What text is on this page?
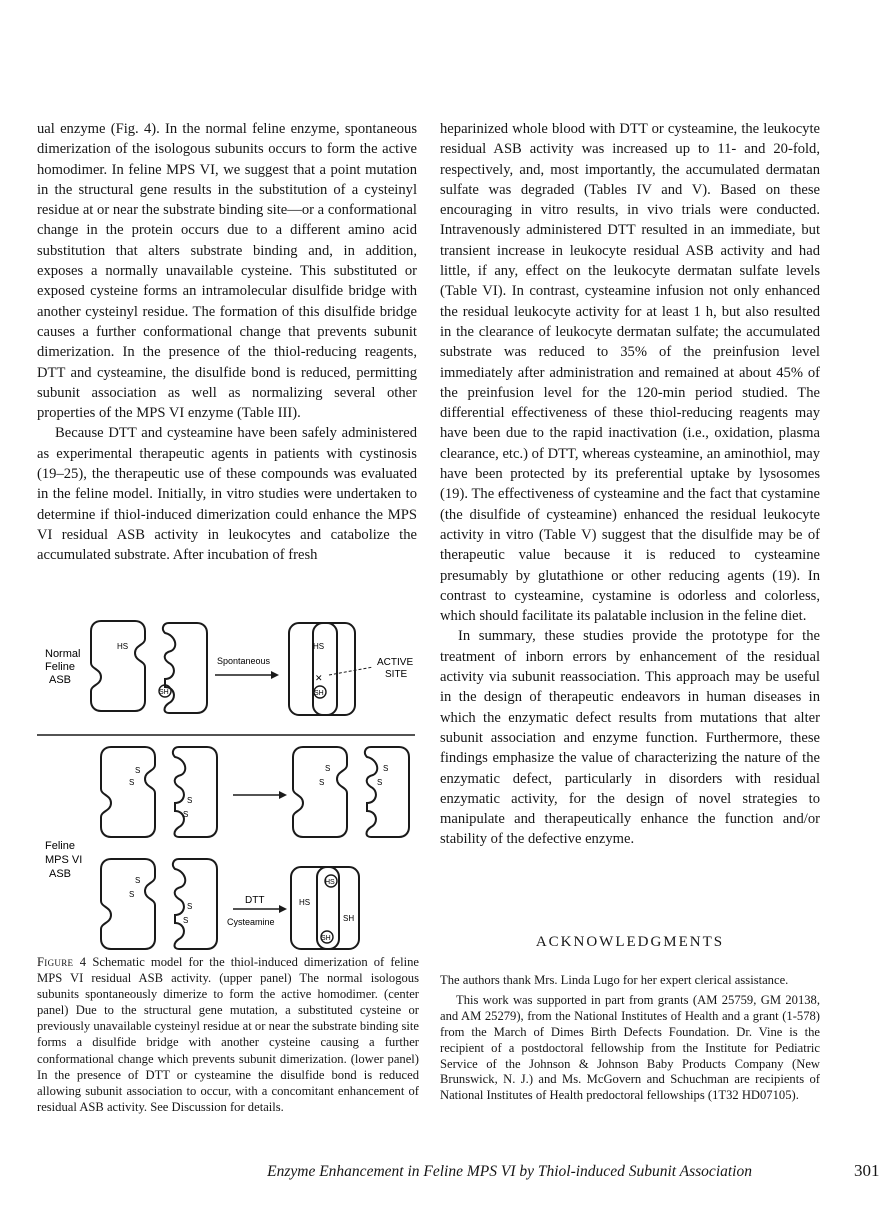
ual enzyme (Fig. 4). In the normal feline enzyme, spontaneous dimerization of the isologous subunits occurs to form the active homodimer. In feline MPS VI, we suggest that a point mutation in the structural gene results in the substitution of a cysteinyl residue at or near the substrate binding site—or a conformational change in the protein occurs due to a different amino acid substitution that alters substrate binding and, in addition, exposes a normally unavailable cysteine. This substituted or exposed cysteine forms an intramolecular disulfide bridge with another cysteinyl residue. The formation of this disulfide bridge causes a further conformational change that prevents subunit dimerization. In the presence of the thiol-reducing reagents, DTT and cysteamine, the disulfide bond is reduced, permitting subunit association as well as normalizing several other properties of the MPS VI enzyme (Table III).

Because DTT and cysteamine have been safely administered as experimental therapeutic agents in patients with cystinosis (19–25), the therapeutic use of these compounds was evaluated in the feline model. Initially, in vitro studies were undertaken to determine if thiol-induced dimerization could enhance the MPS VI residual ASB activity in leukocytes and catabolize the accumulated substrate. After incubation of fresh

heparinized whole blood with DTT or cysteamine, the leukocyte residual ASB activity was increased up to 11- and 20-fold, respectively, and, most importantly, the accumulated dermatan sulfate was degraded (Tables IV and V). Based on these encouraging in vitro results, in vivo trials were conducted. Intravenously administered DTT resulted in an immediate, but transient increase in leukocyte residual ASB activity and had little, if any, effect on the leukocyte dermatan sulfate levels (Table VI). In contrast, cysteamine infusion not only enhanced the residual leukocyte activity for at least 1 h, but also resulted in the clearance of leukocyte dermatan sulfate; the accumulated substrate was reduced to 35% of the preinfusion level immediately after administration and remained at about 45% of the preinfusion level for the 120-min period studied. The differential effectiveness of these thiol-reducing reagents may have been due to the rapid inactivation (i.e., oxidation, plasma clearance, etc.) of DTT, whereas cysteamine, an aminothiol, may have been protected by its preferential uptake by lysosomes (19). The effectiveness of cysteamine and the fact that cystamine (the disulfide of cysteamine) enhanced the residual leukocyte activity in vitro (Table V) suggest that the disulfide may be of therapeutic value because it is reduced to cysteamine presumably by glutathione or other reducing agents (19). In contrast to cysteamine, cystamine is odorless and colorless, which should facilitate its palatable inclusion in the feline diet.

In summary, these studies provide the prototype for the treatment of inborn errors by enhancement of the residual activity via subunit reassociation. This approach may be useful in the design of therapeutic endeavors in human diseases in which the enzymatic defect results from mutations that alter subunit association and enzyme function. Furthermore, these findings emphasize the value of characterizing the nature of the enzymatic defect, particularly in disorders with residual enzymatic activity, for the design of novel strategies to manipulate and therapeutically enhance the function and/or stability of the defective enzyme.

Normal
Feline
ASB
HS
SH
Spontaneous
HS
✕
SH
ACTIVE
SITE
S
S
S
S
S
S
S
S
Feline
MPS VI
ASB
S
S
S
S
DTT
Cysteamine
HS
HS
SH
SH

Figure 4 Schematic model for the thiol-induced dimerization of feline MPS VI residual ASB activity. (upper panel) The normal isologous subunits spontaneously dimerize to form the active homodimer. (center panel) Due to the structural gene mutation, a substituted cysteine or previously unavailable cysteinyl residue at or near the substrate binding site forms a disulfide bridge with another cysteine causing a further conformational change which prevents subunit dimerization. (lower panel) In the presence of DTT or cysteamine the disulfide bond is reduced allowing subunit association to occur, with a concomitant enhancement of residual ASB activity. See Discussion for details.

ACKNOWLEDGMENTS

The authors thank Mrs. Linda Lugo for her expert clerical assistance.

This work was supported in part from grants (AM 25759, GM 20138, and AM 25279), from the National Institutes of Health and a grant (1-578) from the March of Dimes Birth Defects Foundation. Dr. Vine is the recipient of a postdoctoral fellowship from the Institute for Pediatric Service of the Johnson & Johnson Baby Products Company (New Brunswick, N. J.) and Ms. McGovern and Schuchman are recipients of National Institutes of Health predoctoral fellowships (1T32 HD07105).

Enzyme Enhancement in Feline MPS VI by Thiol-induced Subunit Association	301
